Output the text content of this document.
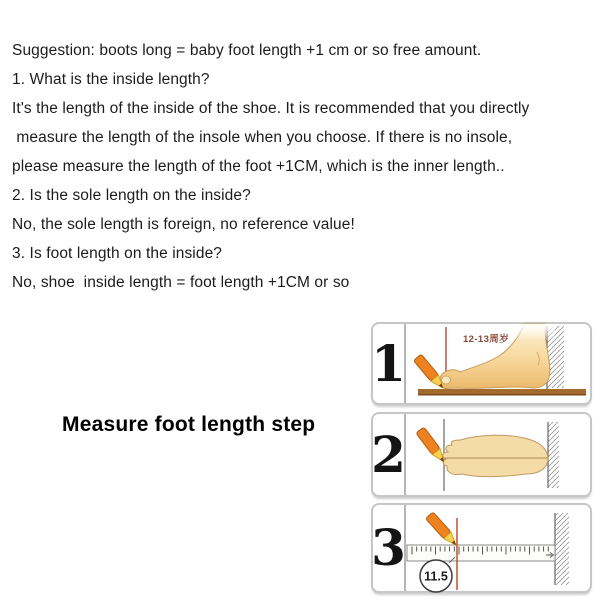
Suggestion: boots long = baby foot length +1 cm or so free amount.
1. What is the inside length?
It's the length of the inside of the shoe. It is recommended that you directly
measure the length of the insole when you choose. If there is no insole,
please measure the length of the foot +1CM, which is the inner length..
2. Is the sole length on the inside?
No, the sole length is foreign, no reference value!
3. Is foot length on the inside?
No, shoe  inside length = foot length +1CM or so
Measure foot length step
1	12-13周岁
2
3 11.5
